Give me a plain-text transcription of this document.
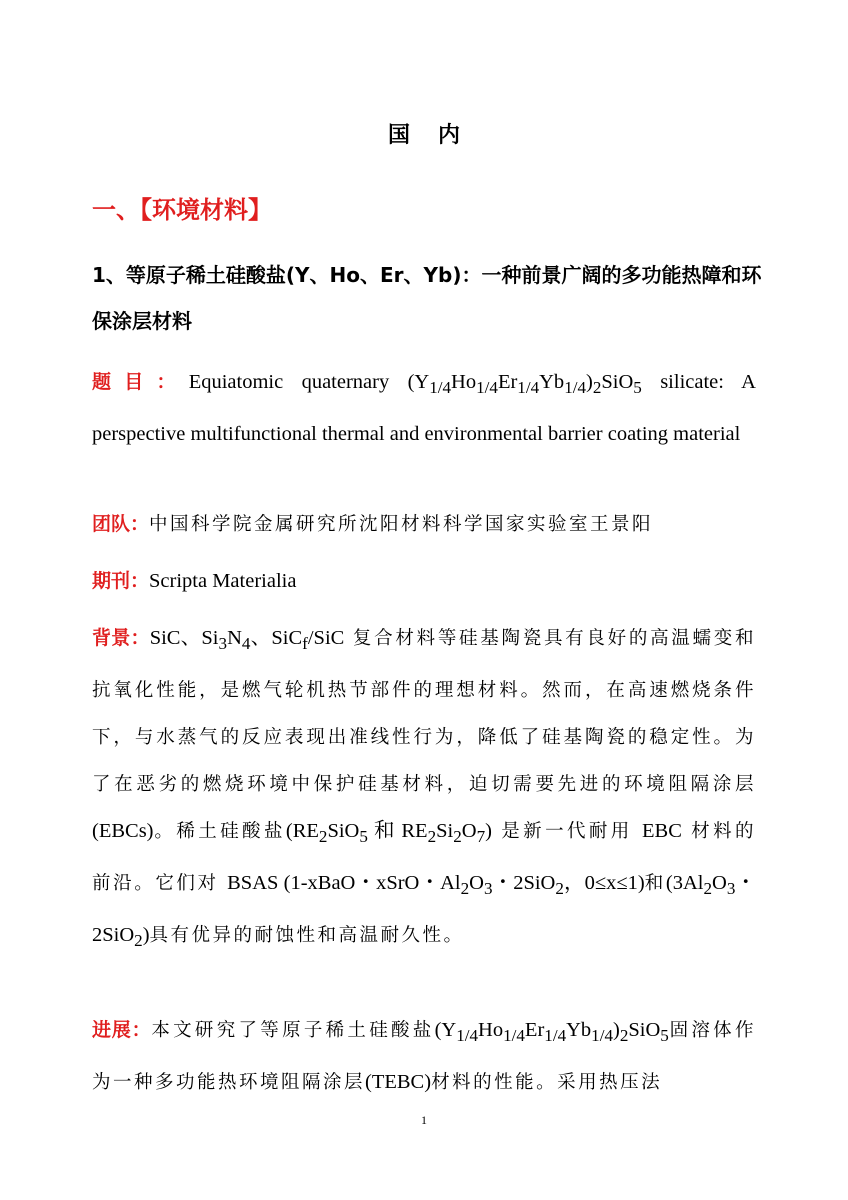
国 内
一、【环境材料】
1、等原子稀土硅酸盐(Y、Ho、Er、Yb)：一种前景广阔的多功能热障和环保涂层材料
题目：Equiatomic quaternary $(Y_{1/4}Ho_{1/4}Er_{1/4}Yb_{1/4})_2SiO_5$ silicate: A perspective multifunctional thermal and environmental barrier coating material
团队：中国科学院金属研究所沈阳材料科学国家实验室王景阳
期刊：Scripta Materialia
背景：SiC、$Si_3N_4$、SiC$_f$/SiC 复合材料等硅基陶瓷具有良好的高温蠕变和抗氧化性能，是燃气轮机热节部件的理想材料。然而，在高速燃烧条件下，与水蒸气的反应表现出准线性行为，降低了硅基陶瓷的稳定性。为了在恶劣的燃烧环境中保护硅基材料，迫切需要先进的环境阻隔涂层(EBCs)。稀土硅酸盐($RE_2SiO_5$ 和 $RE_2Si_2O_7$) 是新一代耐用 EBC 材料的前沿。它们对 BSAS (1-xBaO・xSrO・$Al_2O_3$・2SiO$_2$，0≤x≤1)和($3Al_2O_3$・2SiO$_2$)具有优异的耐蚀性和高温耐久性。
进展：本文研究了等原子稀土硅酸盐$(Y_{1/4}Ho_{1/4}Er_{1/4}Yb_{1/4})_2SiO_5$固溶体作为一种多功能热环境阻隔涂层(TEBC)材料的性能。采用热压法
1
